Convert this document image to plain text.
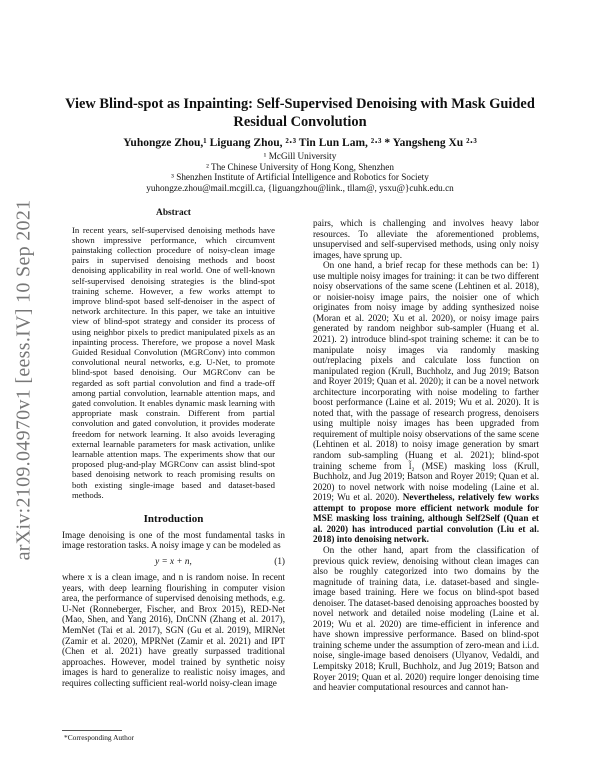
arXiv:2109.04970v1 [eess.IV] 10 Sep 2021
View Blind-spot as Inpainting: Self-Supervised Denoising with Mask Guided Residual Convolution
Yuhongze Zhou,¹ Liguang Zhou, ²·³ Tin Lun Lam, ²·³ * Yangsheng Xu ²·³
¹ McGill University
² The Chinese University of Hong Kong, Shenzhen
³ Shenzhen Institute of Artificial Intelligence and Robotics for Society
yuhongze.zhou@mail.mcgill.ca, {liguangzhou@link., tllam@, ysxu@}cuhk.edu.cn
Abstract

In recent years, self-supervised denoising methods have shown impressive performance, which circumvent painstaking collection procedure of noisy-clean image pairs in supervised denoising methods and boost denoising applicability in real world. One of well-known self-supervised denoising strategies is the blind-spot training scheme. However, a few works attempt to improve blind-spot based self-denoiser in the aspect of network architecture. In this paper, we take an intuitive view of blind-spot strategy and consider its process of using neighbor pixels to predict manipulated pixels as an inpainting process. Therefore, we propose a novel Mask Guided Residual Convolution (MGRConv) into common convolutional neural networks, e.g. U-Net, to promote blind-spot based denoising. Our MGRConv can be regarded as soft partial convolution and find a trade-off among partial convolution, learnable attention maps, and gated convolution. It enables dynamic mask learning with appropriate mask constrain. Different from partial convolution and gated convolution, it provides moderate freedom for network learning. It also avoids leveraging external learnable parameters for mask activation, unlike learnable attention maps. The experiments show that our proposed plug-and-play MGRConv can assist blind-spot based denoising network to reach promising results on both existing single-image based and dataset-based methods.

Introduction

Image denoising is one of the most fundamental tasks in image restoration tasks. A noisy image y can be modeled as

y = x + n,	(1)

where x is a clean image, and n is random noise. In recent years, with deep learning flourishing in computer vision area, the performance of supervised denoising methods, e.g. U-Net (Ronneberger, Fischer, and Brox 2015), RED-Net (Mao, Shen, and Yang 2016), DnCNN (Zhang et al. 2017), MemNet (Tai et al. 2017), SGN (Gu et al. 2019), MIRNet (Zamir et al. 2020), MPRNet (Zamir et al. 2021) and IPT (Chen et al. 2021) have greatly surpassed traditional approaches. However, model trained by synthetic noisy images is hard to generalize to realistic noisy images, and requires collecting sufficient real-world noisy-clean image

pairs, which is challenging and involves heavy labor resources. To alleviate the aforementioned problems, unsupervised and self-supervised methods, using only noisy images, have sprung up.

On one hand, a brief recap for these methods can be: 1) use multiple noisy images for training: it can be two different noisy observations of the same scene (Lehtinen et al. 2018), or noisier-noisy image pairs, the noisier one of which originates from noisy image by adding synthesized noise (Moran et al. 2020; Xu et al. 2020), or noisy image pairs generated by random neighbor sub-sampler (Huang et al. 2021). 2) introduce blind-spot training scheme: it can be to manipulate noisy images via randomly masking out/replacing pixels and calculate loss function on manipulated region (Krull, Buchholz, and Jug 2019; Batson and Royer 2019; Quan et al. 2020); it can be a novel network architecture incorporating with noise modeling to farther boost performance (Laine et al. 2019; Wu et al. 2020). It is noted that, with the passage of research progress, denoisers using multiple noisy images has been upgraded from requirement of multiple noisy observations of the same scene (Lehtinen et al. 2018) to noisy image generation by smart random sub-sampling (Huang et al. 2021); blind-spot training scheme from l̃₂ (MSE) masking loss (Krull, Buchholz, and Jug 2019; Batson and Royer 2019; Quan et al. 2020) to novel network with noise modeling (Laine et al. 2019; Wu et al. 2020). Nevertheless, relatively few works attempt to propose more efficient network module for MSE masking loss training, although Self2Self (Quan et al. 2020) has introduced partial convolution (Liu et al. 2018) into denoising network.

On the other hand, apart from the classification of previous quick review, denoising without clean images can also be roughly categorized into two domains by the magnitude of training data, i.e. dataset-based and single-image based training. Here we focus on blind-spot based denoiser. The dataset-based denoising approaches boosted by novel network and detailed noise modeling (Laine et al. 2019; Wu et al. 2020) are time-efficient in inference and have shown impressive performance. Based on blind-spot training scheme under the assumption of zero-mean and i.i.d. noise, single-image based denoisers (Ulyanov, Vedaldi, and Lempitsky 2018; Krull, Buchholz, and Jug 2019; Batson and Royer 2019; Quan et al. 2020) require longer denoising time and heavier computational resources and cannot han-

*Corresponding Author
